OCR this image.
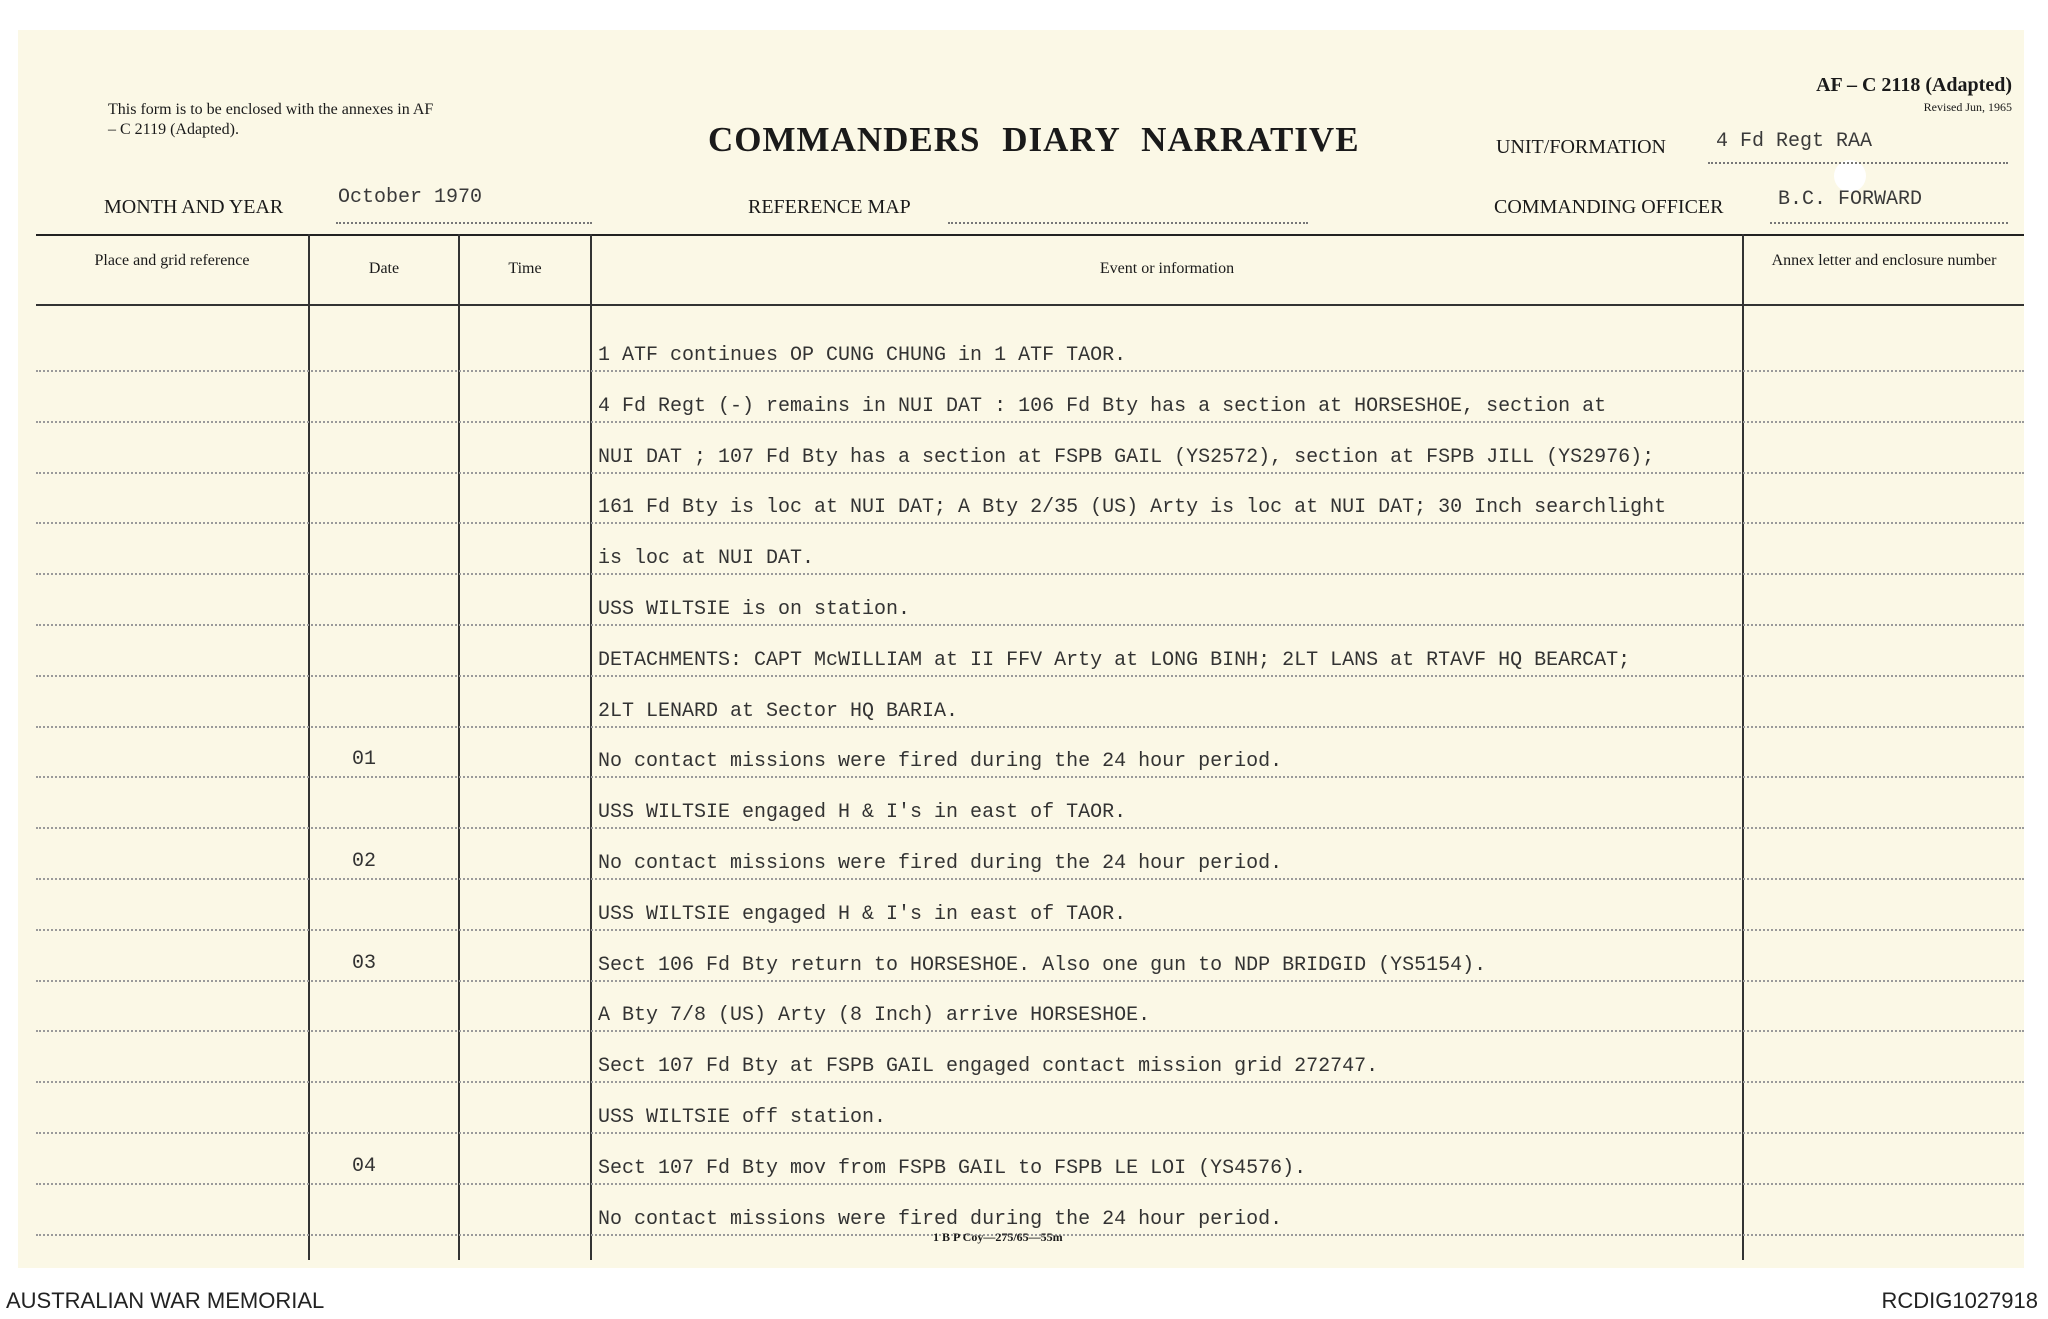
This form is to be enclosed with the annexes in AF – C 2119 (Adapted).	COMMANDERS DIARY NARRATIVE
AF – C 2118 (Adapted)
Revised Jun, 1965
UNIT/FORMATION	4 Fd Regt RAA
MONTH AND YEAR	October 1970	REFERENCE MAP	COMMANDING OFFICER	B.C. FORWARD
Place and grid reference	Date	Time	Event or information	Annex letter and enclosure number
1 ATF continues OP CUNG CHUNG in 1 ATF TAOR.
4 Fd Regt (-) remains in NUI DAT : 106 Fd Bty has a section at HORSESHOE, section at
NUI DAT ; 107 Fd Bty has a section at FSPB GAIL (YS2572), section at FSPB JILL (YS2976);
161 Fd Bty is loc at NUI DAT; A Bty 2/35 (US) Arty is loc at NUI DAT; 30 Inch searchlight
is loc at NUI DAT.
USS WILTSIE is on station.
DETACHMENTS: CAPT McWILLIAM at II FFV Arty at LONG BINH; 2LT LANS at RTAVF HQ BEARCAT;
2LT LENARD at Sector HQ BARIA.
01	No contact missions were fired during the 24 hour period.
USS WILTSIE engaged H & I's in east of TAOR.
02	No contact missions were fired during the 24 hour period.
USS WILTSIE engaged H & I's in east of TAOR.
03	Sect 106 Fd Bty return to HORSESHOE. Also one gun to NDP BRIDGID (YS5154).
A Bty 7/8 (US) Arty (8 Inch) arrive HORSESHOE.
Sect 107 Fd Bty at FSPB GAIL engaged contact mission grid 272747.
USS WILTSIE off station.
04	Sect 107 Fd Bty mov from FSPB GAIL to FSPB LE LOI (YS4576).
No contact missions were fired during the 24 hour period.
1 B P Coy—275/65—55m
AUSTRALIAN WAR MEMORIAL	RCDIG1027918
